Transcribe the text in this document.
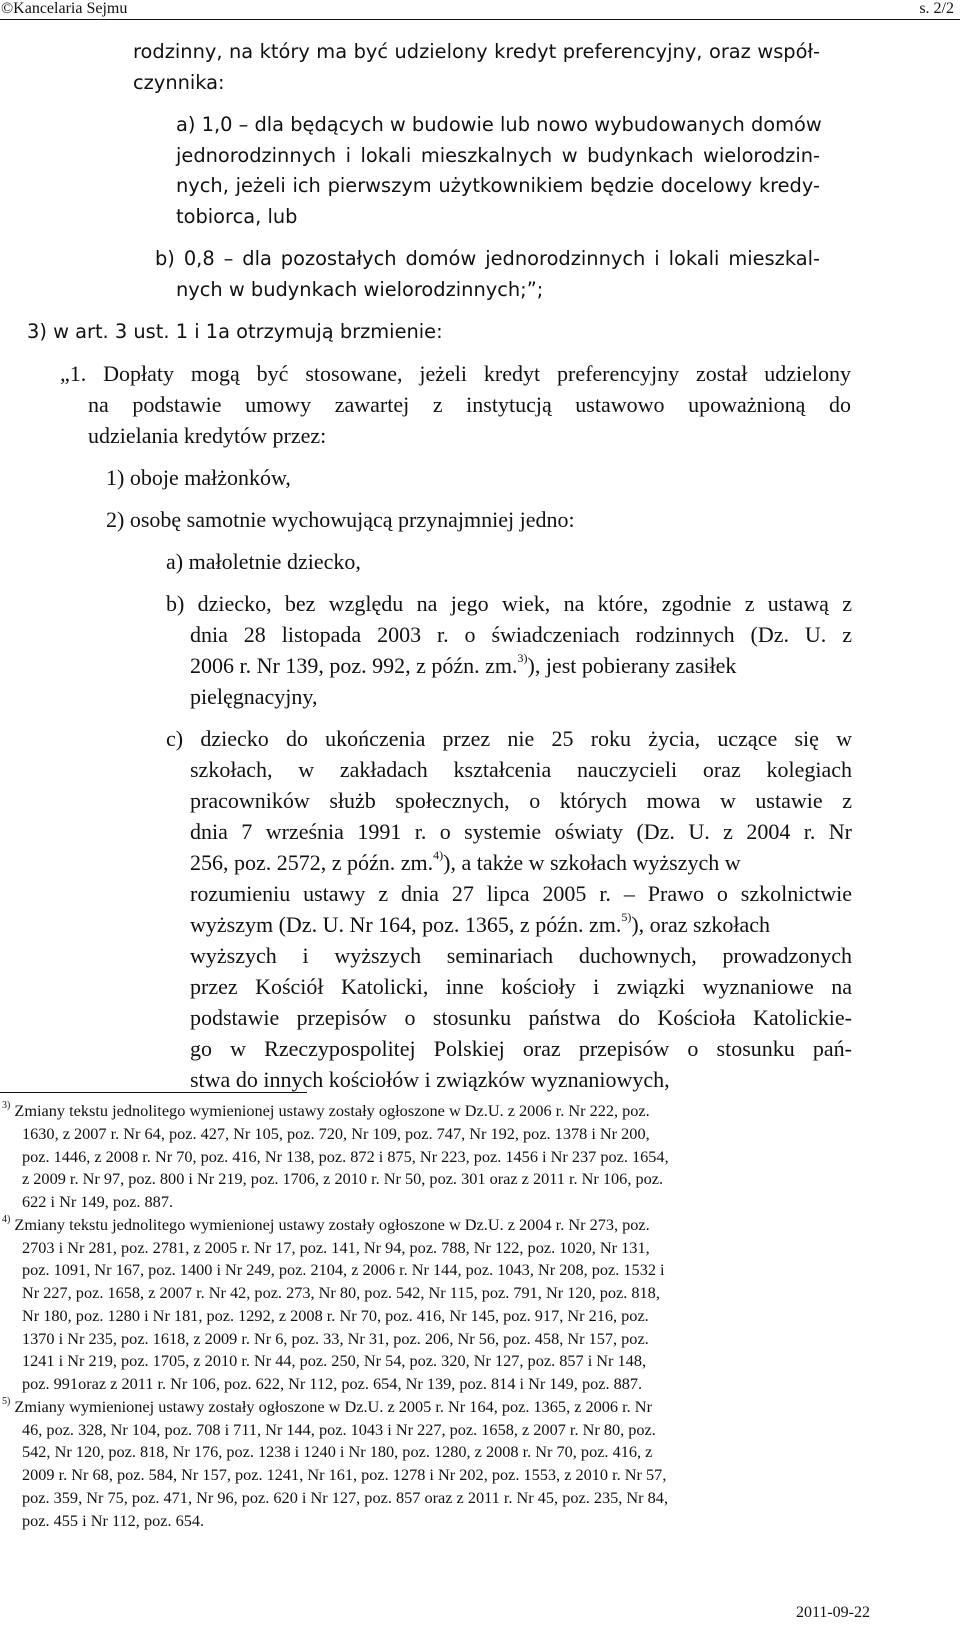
©Kancelaria Sejmu	s. 2/2
rodzinny, na który ma być udzielony kredyt preferencyjny, oraz współ-
czynnika:
a) 1,0 – dla będących w budowie lub nowo wybudowanych domów
jednorodzinnych i lokali mieszkalnych w budynkach wielorodzin-
nych, jeżeli ich pierwszym użytkownikiem będzie docelowy kredy-
tobiorca, lub
b) 0,8 – dla pozostałych domów jednorodzinnych i lokali mieszkal-
nych w budynkach wielorodzinnych;”;
3) w art. 3 ust. 1 i 1a otrzymują brzmienie:
„1. Dopłaty mogą być stosowane, jeżeli kredyt preferencyjny został udzielony
na podstawie umowy zawartej z instytucją ustawowo upoważnioną do
udzielania kredytów przez:
1) oboje małżonków,
2) osobę samotnie wychowującą przynajmniej jedno:
a) małoletnie dziecko,
b) dziecko, bez względu na jego wiek, na które, zgodnie z ustawą z
dnia 28 listopada 2003 r. o świadczeniach rodzinnych (Dz. U. z
2006 r. Nr 139, poz. 992, z późn. zm.$^{3)}$), jest pobierany zasiłek
pielęgnacyjny,
c) dziecko do ukończenia przez nie 25 roku życia, uczące się w
szkołach, w zakładach kształcenia nauczycieli oraz kolegiach
pracowników służb społecznych, o których mowa w ustawie z
dnia 7 września 1991 r. o systemie oświaty (Dz. U. z 2004 r. Nr
256, poz. 2572, z późn. zm.$^{4)}$), a także w szkołach wyższych w
rozumieniu ustawy z dnia 27 lipca 2005 r. – Prawo o szkolnictwie
wyższym (Dz. U. Nr 164, poz. 1365, z późn. zm.$^{5)}$), oraz szkołach
wyższych i wyższych seminariach duchownych, prowadzonych
przez Kościół Katolicki, inne kościoły i związki wyznaniowe na
podstawie przepisów o stosunku państwa do Kościoła Katolickie-
go w Rzeczypospolitej Polskiej oraz przepisów o stosunku pań-
stwa do innych kościołów i związków wyznaniowych,
$^{3)}$ Zmiany tekstu jednolitego wymienionej ustawy zostały ogłoszone w Dz.U. z 2006 r. Nr 222, poz.
1630, z 2007 r. Nr 64, poz. 427, Nr 105, poz. 720, Nr 109, poz. 747, Nr 192, poz. 1378 i Nr 200,
poz. 1446, z 2008 r. Nr 70, poz. 416, Nr 138, poz. 872 i 875, Nr 223, poz. 1456 i Nr 237 poz. 1654,
z 2009 r. Nr 97, poz. 800 i Nr 219, poz. 1706, z 2010 r. Nr 50, poz. 301 oraz z 2011 r. Nr 106, poz.
622 i Nr 149, poz. 887.
$^{4)}$ Zmiany tekstu jednolitego wymienionej ustawy zostały ogłoszone w Dz.U. z 2004 r. Nr 273, poz.
2703 i Nr 281, poz. 2781, z 2005 r. Nr 17, poz. 141, Nr 94, poz. 788, Nr 122, poz. 1020, Nr 131,
poz. 1091, Nr 167, poz. 1400 i Nr 249, poz. 2104, z 2006 r. Nr 144, poz. 1043, Nr 208, poz. 1532 i
Nr 227, poz. 1658, z 2007 r. Nr 42, poz. 273, Nr 80, poz. 542, Nr 115, poz. 791, Nr 120, poz. 818,
Nr 180, poz. 1280 i Nr 181, poz. 1292, z 2008 r. Nr 70, poz. 416, Nr 145, poz. 917, Nr 216, poz.
1370 i Nr 235, poz. 1618, z 2009 r. Nr 6, poz. 33, Nr 31, poz. 206, Nr 56, poz. 458, Nr 157, poz.
1241 i Nr 219, poz. 1705, z 2010 r. Nr 44, poz. 250, Nr 54, poz. 320, Nr 127, poz. 857 i Nr 148,
poz. 991oraz z 2011 r. Nr 106, poz. 622, Nr 112, poz. 654, Nr 139, poz. 814 i Nr 149, poz. 887.
$^{5)}$ Zmiany wymienionej ustawy zostały ogłoszone w Dz.U. z 2005 r. Nr 164, poz. 1365, z 2006 r. Nr
46, poz. 328, Nr 104, poz. 708 i 711, Nr 144, poz. 1043 i Nr 227, poz. 1658, z 2007 r. Nr 80, poz.
542, Nr 120, poz. 818, Nr 176, poz. 1238 i 1240 i Nr 180, poz. 1280, z 2008 r. Nr 70, poz. 416, z
2009 r. Nr 68, poz. 584, Nr 157, poz. 1241, Nr 161, poz. 1278 i Nr 202, poz. 1553, z 2010 r. Nr 57,
poz. 359, Nr 75, poz. 471, Nr 96, poz. 620 i Nr 127, poz. 857 oraz z 2011 r. Nr 45, poz. 235, Nr 84,
poz. 455 i Nr 112, poz. 654.
2011-09-22
